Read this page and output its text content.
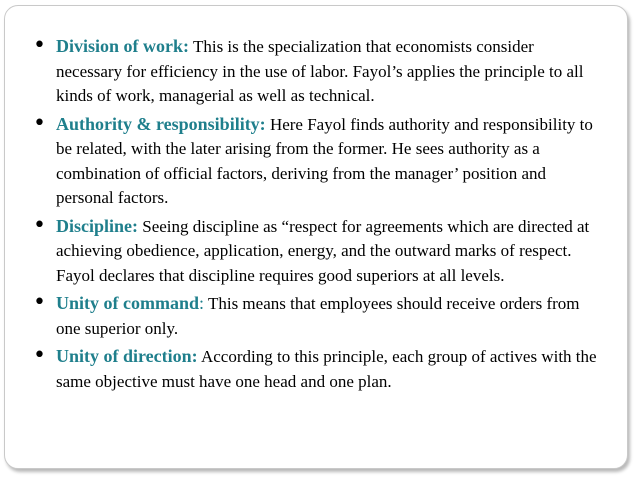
• Division of work: This is the specialization that economists consider necessary for efficiency in the use of labor. Fayol’s applies the principle to all kinds of work, managerial as well as technical.
• Authority & responsibility: Here Fayol finds authority and responsibility to be related, with the later arising from the former. He sees authority as a combination of official factors, deriving from the manager’ position and personal factors.
• Discipline: Seeing discipline as “respect for agreements which are directed at achieving obedience, application, energy, and the outward marks of respect. Fayol declares that discipline requires good superiors at all levels.
• Unity of command: This means that employees should receive orders from one superior only.
• Unity of direction: According to this principle, each group of actives with the same objective must have one head and one plan.
